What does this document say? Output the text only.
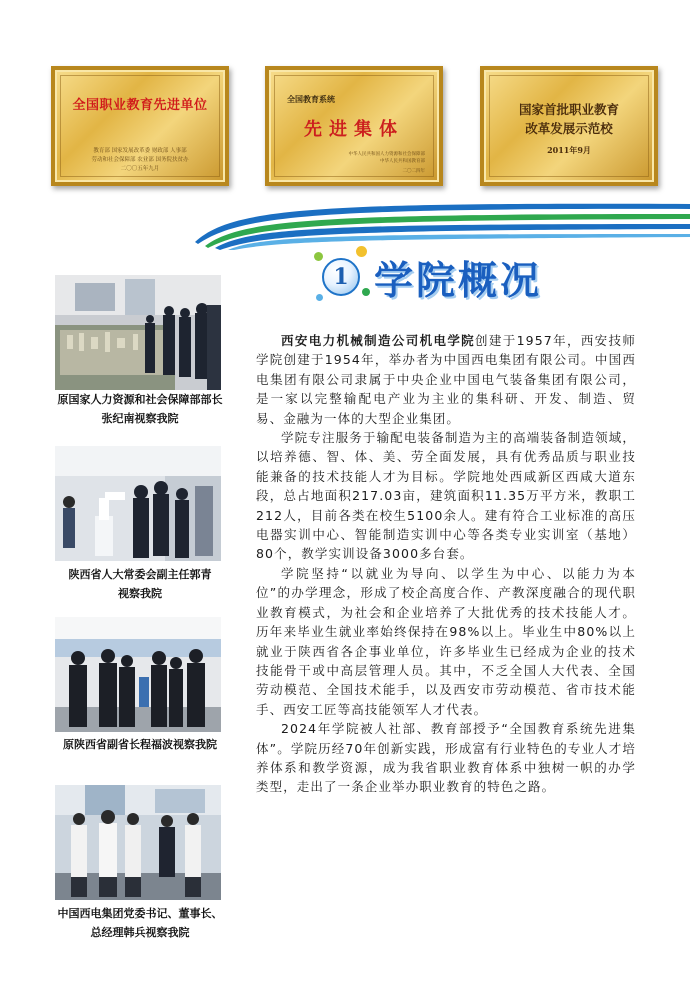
全国职业教育先进单位
教育部 国家发展改革委 财政部 人事部
劳动和社会保障部 农业部 国务院扶贫办
二〇〇五年九月
全国教育系统
先进集体
中华人民共和国人力资源和社会保障部
中华人民共和国教育部
二〇二四年
国家首批职业教育
改革发展示范校
2011年9月
1 学院概况
原国家人力资源和社会保障部部长
张纪南视察我院
陕西省人大常委会副主任郭青
视察我院
原陕西省副省长程福波视察我院
中国西电集团党委书记、董事长、
总经理韩兵视察我院

西安电力机械制造公司机电学院创建于1957年，西安技师学院创建于1954年，举办者为中国西电集团有限公司。中国西电集团有限公司隶属于中央企业中国电气装备集团有限公司，是一家以完整输配电产业为主业的集科研、开发、制造、贸易、金融为一体的大型企业集团。

学院专注服务于输配电装备制造为主的高端装备制造领域，以培养德、智、体、美、劳全面发展，具有优秀品质与职业技能兼备的技术技能人才为目标。学院地处西咸新区西咸大道东段，总占地面积217.03亩，建筑面积11.35万平方米，教职工212人，目前各类在校生5100余人。建有符合工业标准的高压电器实训中心、智能制造实训中心等各类专业实训室（基地）80个，教学实训设备3000多台套。

学院坚持“以就业为导向、以学生为中心、以能力为本位”的办学理念，形成了校企高度合作、产教深度融合的现代职业教育模式，为社会和企业培养了大批优秀的技术技能人才。历年来毕业生就业率始终保持在98%以上。毕业生中80%以上就业于陕西省各企事业单位，许多毕业生已经成为企业的技术技能骨干或中高层管理人员。其中，不乏全国人大代表、全国劳动模范、全国技术能手，以及西安市劳动模范、省市技术能手、西安工匠等高技能领军人才代表。

2024年学院被人社部、教育部授予“全国教育系统先进集体”。学院历经70年创新实践，形成富有行业特色的专业人才培养体系和教学资源，成为我省职业教育体系中独树一帜的办学类型，走出了一条企业举办职业教育的特色之路。
